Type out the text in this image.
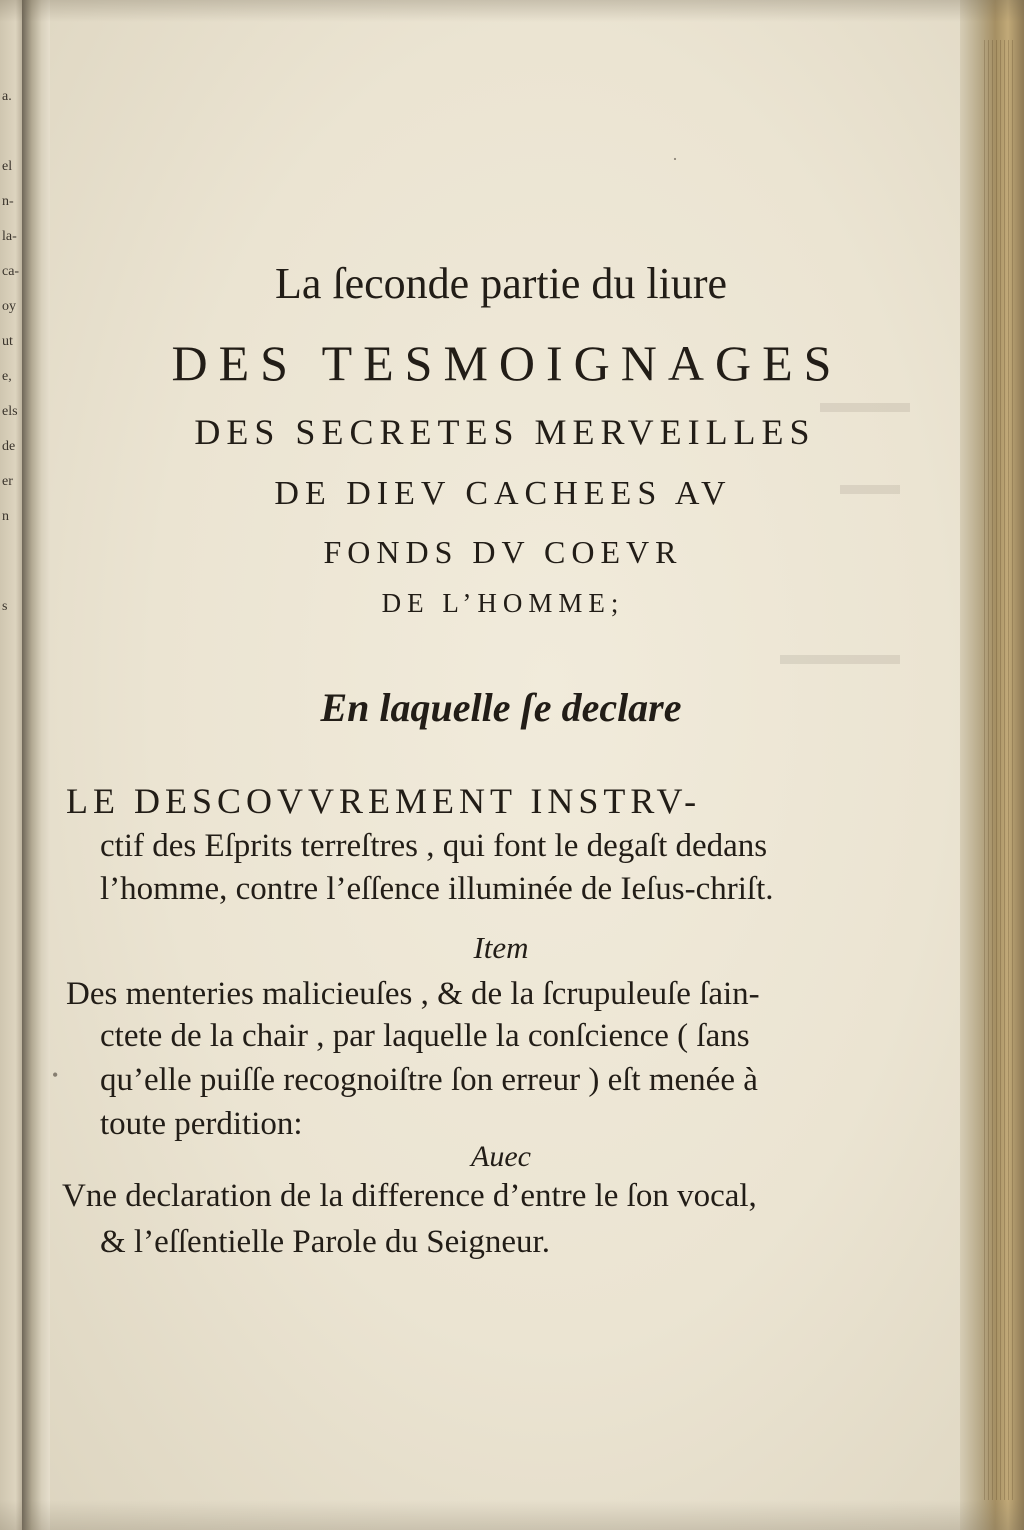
a.
el
n-
la-
ca-
oy
ut
e,
els
de
er
n
s
▬▬▬
▬▬
▬▬▬▬
·
•
La ſeconde partie du liure
DES TESMOIGNAGES
DES SECRETES MERVEILLES
DE DIEV CACHEES AV
FONDS DV COEVR
DE L’HOMME;
En laquelle ſe declare
LE DESCOVVREMENT INSTRV-
ctif des Eſprits terreſtres , qui font le degaſt dedans
l’homme, contre l’eſſence illuminée de Ieſus-chriſt.
Item
Des menteries malicieuſes , & de la ſcrupuleuſe ſain-
ctete de la chair , par laquelle la conſcience ( ſans
qu’elle puiſſe recognoiſtre ſon erreur ) eſt menée à
toute perdition:
Auec
Vne declaration de la difference d’entre le ſon vocal,
& l’eſſentielle Parole du Seigneur.
